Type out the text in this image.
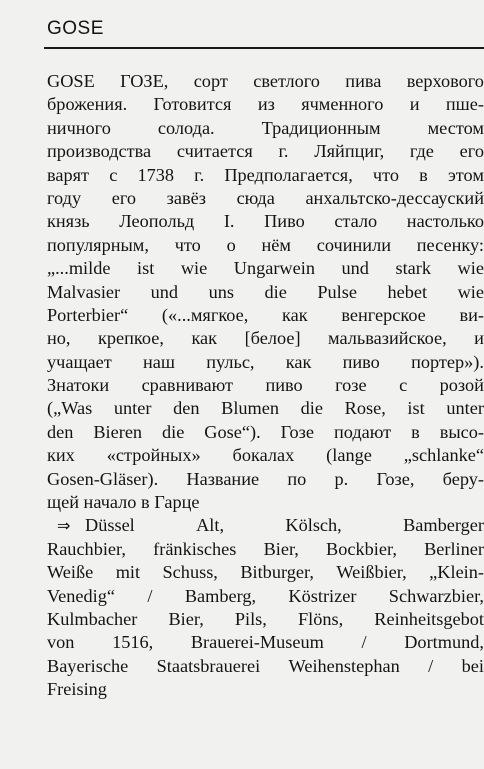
GOSE
GOSE ГОЗЕ, сорт светлого пива верхового
брожения. Готовится из ячменного и пше-
ничного	солода.	Традиционным	местом
производства считается г. Ляйпциг, где его
варят с 1738 г. Предполагается, что в этом
году его завёз сюда анхальтско-дессауский
князь Леопольд I. Пиво стало настолько
популярным, что о нём сочинили песенку:
„...milde ist wie Ungarwein und stark wie
Malvasier und uns die Pulse hebet wie
Porterbier“ («...мягкое, как венгерское ви-
но, крепкое, как [белое] мальвазийское, и
учащает наш пульс, как пиво портер»).
Знатоки сравнивают пиво гозе с розой
(„Was unter den Blumen die Rose, ist unter
den Bieren die Gose“). Гозе подают в высо-
ких «стройных» бокалах (lange „schlanke“
Gosen-Gläser). Название по р. Гозе, беру-
щей начало в Гарце
⇒ Düssel	Alt,	Kölsch,	Bamberger
Rauchbier, fränkisches Bier, Bockbier, Berliner
Weiße mit Schuss, Bitburger, Weißbier, „Klein-
Venedig“ / Bamberg, Köstrizer Schwarzbier,
Kulmbacher Bier, Pils, Flöns, Reinheitsgebot
von 1516, Brauerei-Museum / Dortmund,
Bayerische Staatsbrauerei Weihenstephan / bei
Freising
